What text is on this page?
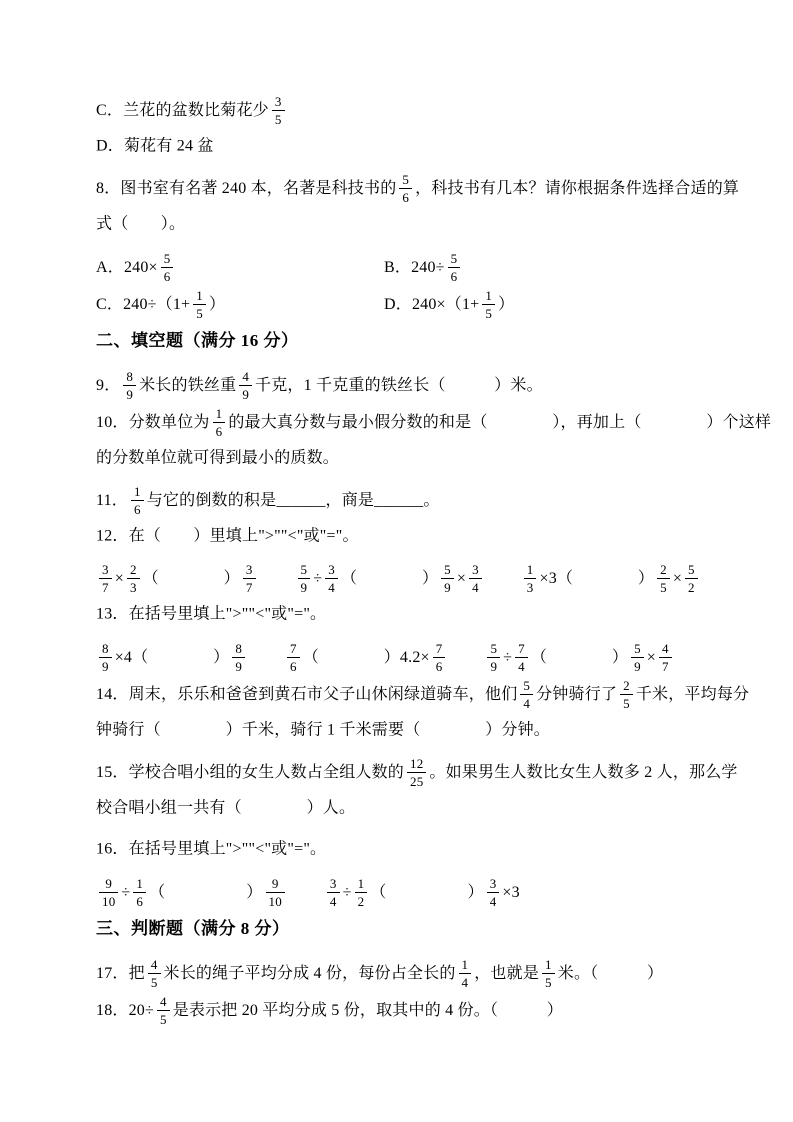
C．兰花的盆数比菊花少 $\frac{3}{5}$
D．菊花有 24 盆
8．图书室有名著 240 本，名著是科技书的 $\frac{5}{6}$ ，科技书有几本？请你根据条件选择合适的算
式（　　）。
A．$240\times \frac{5}{6}$	B．$240\div \frac{5}{6}$
C．$240\div(1+ \frac{1}{5}$ ）	D．$240\times(1+ \frac{1}{5}$ ）
二、填空题（满分 16 分）
9． $\frac{8}{9}$ 米长的铁丝重 $\frac{4}{9}$ 千克，1 千克重的铁丝长（　　　）米。
10．分数单位为 $\frac{1}{6}$ 的最大真分数与最小假分数的和是（　　　　），再加上（　　　　）个这样
的分数单位就可得到最小的质数。
11． $\frac{1}{6}$ 与它的倒数的积是______，商是______。
12．在（　　）里填上">""<"或"="。
$\frac{3}{7} \times \frac{2}{3}$ （　　　　） $\frac{3}{7}$	$\frac{5}{9} \div \frac{3}{4}$ （　　　　） $\frac{5}{9} \times \frac{3}{4}$	$\frac{1}{3} \times 3$（　　　　） $\frac{2}{5} \times \frac{5}{2}$
13．在括号里填上">""<"或"="。
$\frac{8}{9} \times 4$（　　　　） $\frac{8}{9}$	$\frac{7}{6}$ （　　　　）$4.2\times \frac{7}{6}$	$\frac{5}{9} \div \frac{7}{4}$ （　　　　） $\frac{5}{9} \times \frac{4}{7}$
14．周末，乐乐和爸爸到黄石市父子山休闲绿道骑车，他们 $\frac{5}{4}$ 分钟骑行了 $\frac{2}{5}$ 千米，平均每分
钟骑行（　　　　）千米，骑行 1 千米需要（　　　　）分钟。
15．学校合唱小组的女生人数占全组人数的 $\frac{12}{25}$ 。如果男生人数比女生人数多 2 人，那么学
校合唱小组一共有（　　　　）人。
16．在括号里填上">""<"或"="。
$\frac{9}{10} \div \frac{1}{6}$ （　　　　　） $\frac{9}{10}$	$\frac{3}{4} \div \frac{1}{2}$ （　　　　　） $\frac{3}{4} \times 3$
三、判断题（满分 8 分）
17．把 $\frac{4}{5}$ 米长的绳子平均分成 4 份，每份占全长的 $\frac{1}{4}$ ，也就是 $\frac{1}{5}$ 米。（　　　）
18．$20\div \frac{4}{5}$ 是表示把 20 平均分成 5 份，取其中的 4 份。（　　　）
